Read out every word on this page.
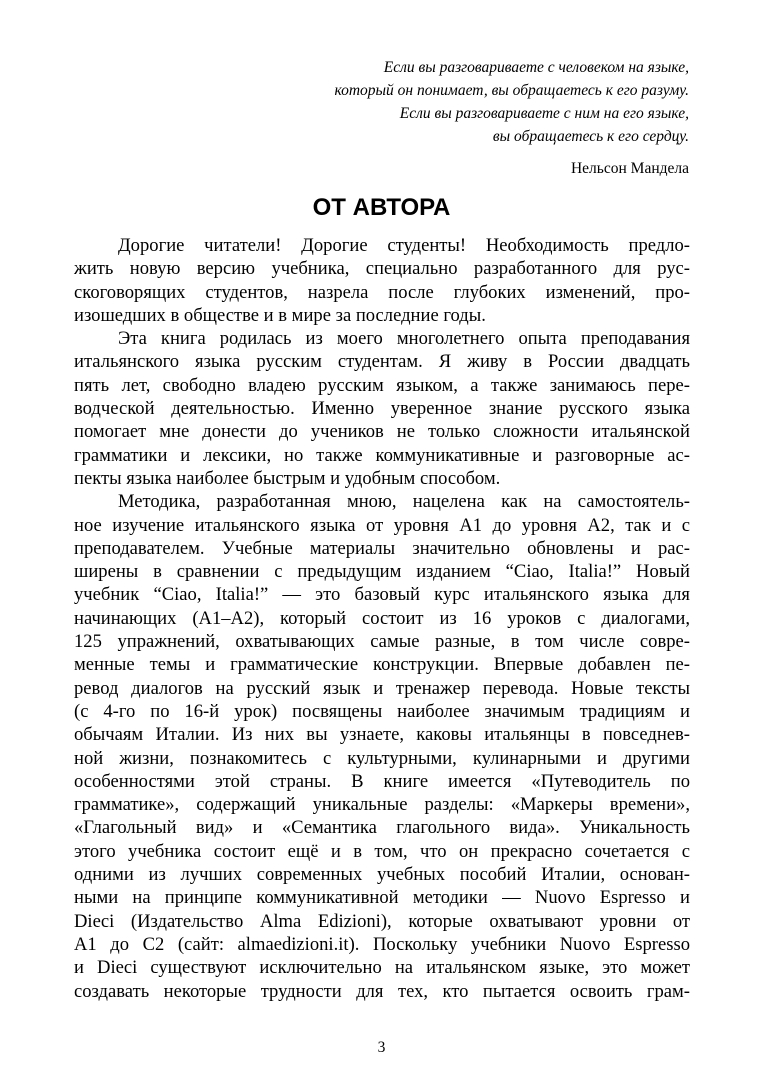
Если вы разговариваете с человеком на языке,
который он понимает, вы обращаетесь к его разуму.
Если вы разговариваете с ним на его языке,
вы обращаетесь к его сердцу.
Нельсон Мандела
ОТ АВТОРА
Дорогие читатели! Дорогие студенты! Необходимость предло-
жить новую версию учебника, специально разработанного для рус-
скоговорящих студентов, назрела после глубоких изменений, про-
изошедших в обществе и в мире за последние годы.
Эта книга родилась из моего многолетнего опыта преподавания
итальянского языка русским студентам. Я живу в России двадцать
пять лет, свободно владею русским языком, а также занимаюсь пере-
водческой деятельностью. Именно уверенное знание русского языка
помогает мне донести до учеников не только сложности итальянской
грамматики и лексики, но также коммуникативные и разговорные ас-
пекты языка наиболее быстрым и удобным способом.
Методика, разработанная мною, нацелена как на самостоятель-
ное изучение итальянского языка от уровня А1 до уровня А2, так и с
преподавателем. Учебные материалы значительно обновлены и рас-
ширены в сравнении с предыдущим изданием “Ciao, Italia!” Новый
учебник “Ciao, Italia!” — это базовый курс итальянского языка для
начинающих (А1–А2), который состоит из 16 уроков с диалогами,
125 упражнений, охватывающих самые разные, в том числе совре-
менные темы и грамматические конструкции. Впервые добавлен пе-
ревод диалогов на русский язык и тренажер перевода. Новые тексты
(с 4-го по 16-й урок) посвящены наиболее значимым традициям и
обычаям Италии. Из них вы узнаете, каковы итальянцы в повседнев-
ной жизни, познакомитесь с культурными, кулинарными и другими
особенностями этой страны. В книге имеется «Путеводитель по
грамматике», содержащий уникальные разделы: «Маркеры времени»,
«Глагольный вид» и «Семантика глагольного вида». Уникальность
этого учебника состоит ещё и в том, что он прекрасно сочетается с
одними из лучших современных учебных пособий Италии, основан-
ными на принципе коммуникативной методики — Nuovo Espresso и
Dieci (Издательство Alma Edizioni), которые охватывают уровни от
А1 до С2 (сайт: almaedizioni.it). Поскольку учебники Nuovo Espresso
и Dieci существуют исключительно на итальянском языке, это может
создавать некоторые трудности для тех, кто пытается освоить грам-
3
